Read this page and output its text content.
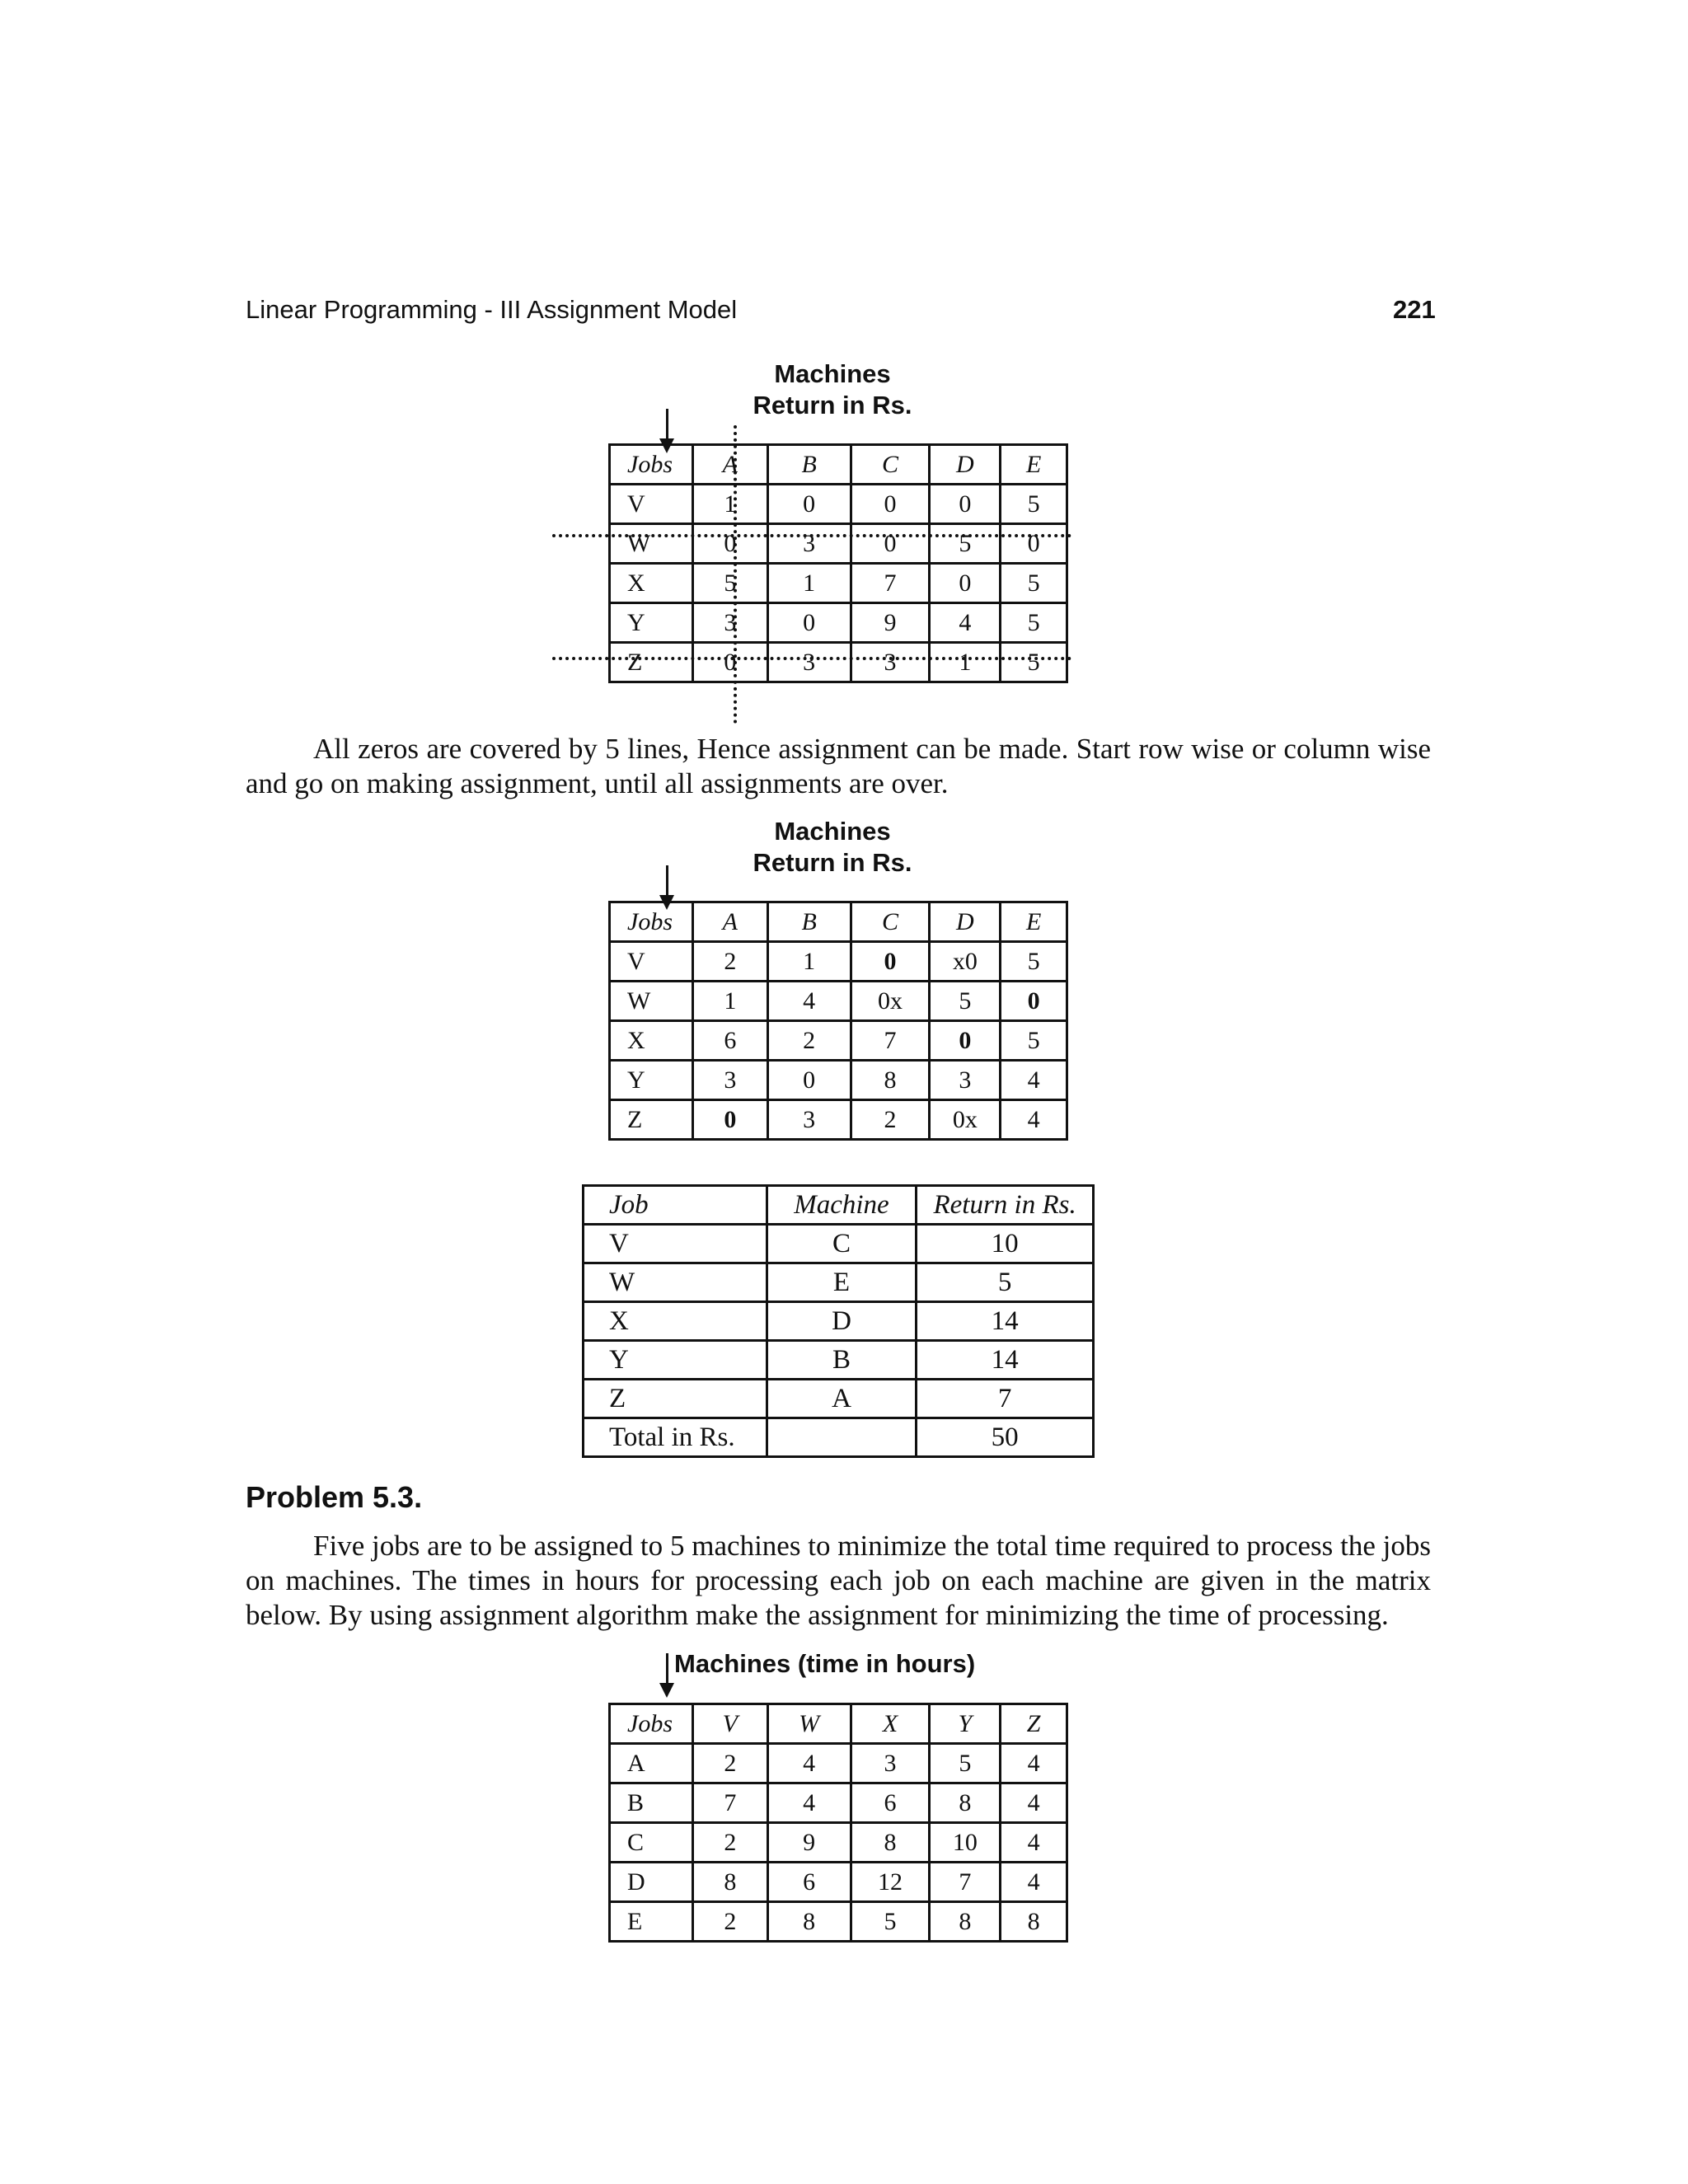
Linear Programming - III Assignment Model	221
Machines
Return in Rs.
Jobs	A	B	C	D	E
V	1	0	0	0	5
W	0	3	0	5	0
X	5	1	7	0	5
Y	3	0	9	4	5
Z	0	3	3	1	5
All zeros are covered by 5 lines, Hence assignment can be made. Start row wise or column wise and go on making assignment, until all assignments are over.
Machines
Return in Rs.
Jobs	A	B	C	D	E
V	2	1	0	x0	5
W	1	4	0x	5	0
X	6	2	7	0	5
Y	3	0	8	3	4
Z	0	3	2	0x	4
Job	Machine	Return in Rs.
V	C	10
W	E	5
X	D	14
Y	B	14
Z	A	7
Total in Rs.		50
Problem 5.3.
Five jobs are to be assigned to 5 machines to minimize the total time required to process the jobs on machines. The times in hours for processing each job on each machine are given in the matrix below. By using assignment algorithm make the assignment for minimizing the time of processing.
Machines (time in hours)
Jobs	V	W	X	Y	Z
A	2	4	3	5	4
B	7	4	6	8	4
C	2	9	8	10	4
D	8	6	12	7	4
E	2	8	5	8	8
